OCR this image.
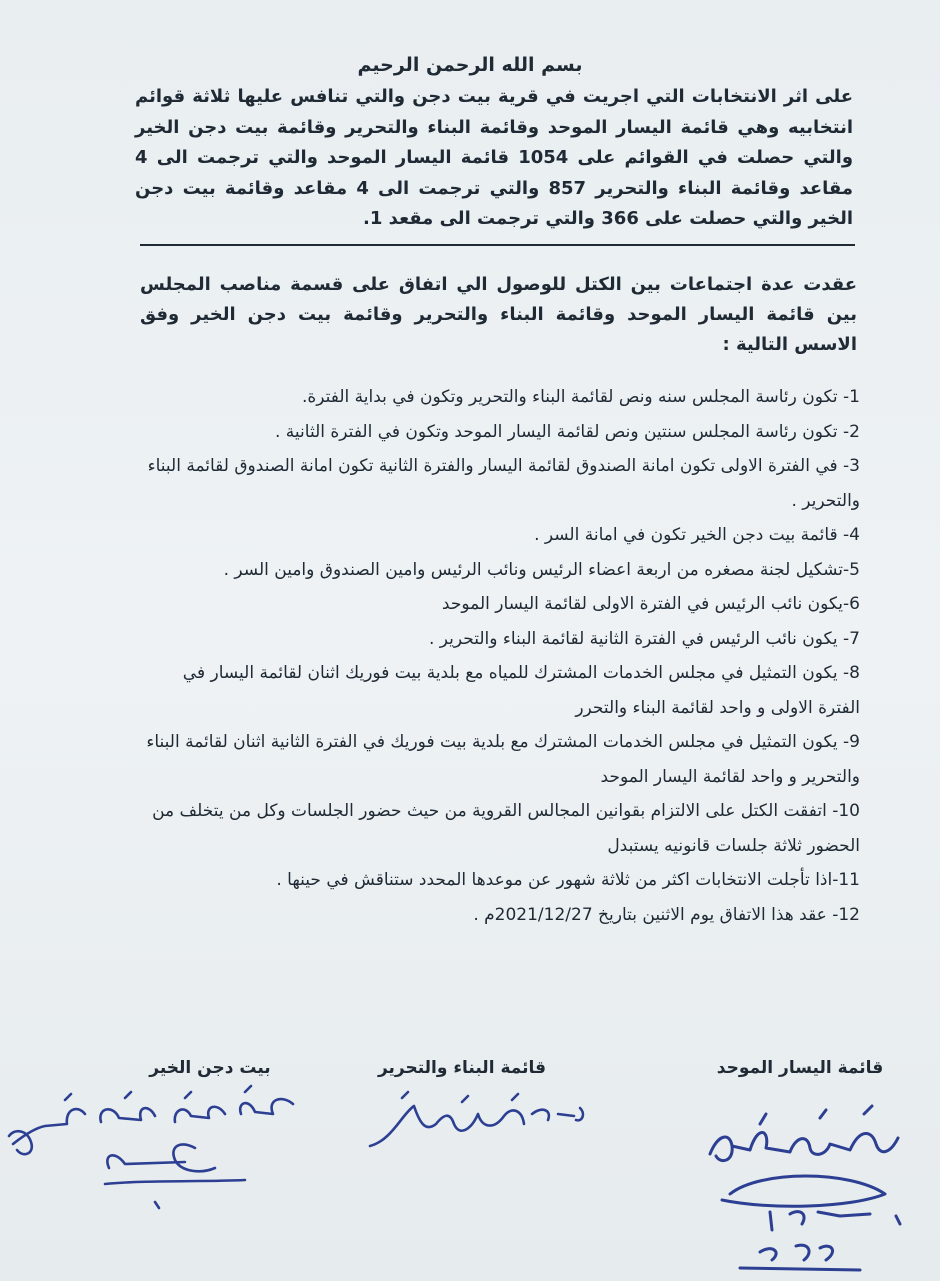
بسم الله الرحمن الرحيم
على اثر الانتخابات التي اجريت في قرية بيت دجن والتي تنافس عليها ثلاثة قوائم انتخابيه وهي قائمة اليسار الموحد وقائمة البناء والتحرير وقائمة بيت دجن الخير والتي حصلت في القوائم على 1054 قائمة اليسار الموحد والتي ترجمت الى 4 مقاعد وقائمة البناء والتحرير 857 والتي ترجمت الى 4 مقاعد وقائمة بيت دجن الخير والتي حصلت على 366 والتي ترجمت الى مقعد 1.
عقدت عدة اجتماعات بين الكتل للوصول الي اتفاق على قسمة مناصب المجلس بين قائمة اليسار الموحد وقائمة البناء والتحرير وقائمة بيت دجن الخير وفق الاسس التالية :
1- تكون رئاسة المجلس سنه ونص لقائمة البناء والتحرير وتكون في بداية الفترة.
2- تكون رئاسة المجلس سنتين ونص لقائمة اليسار الموحد وتكون في الفترة الثانية .
3- في الفترة الاولى تكون امانة الصندوق لقائمة اليسار والفترة الثانية تكون امانة الصندوق لقائمة البناء والتحرير .
4- قائمة بيت دجن الخير تكون في امانة السر .
5-تشكيل لجنة مصغره من اربعة اعضاء الرئيس ونائب الرئيس وامين الصندوق وامين السر .
6-يكون نائب الرئيس في الفترة الاولى لقائمة اليسار الموحد
7- يكون نائب الرئيس في الفترة الثانية لقائمة البناء والتحرير .
8- يكون التمثيل في مجلس الخدمات المشترك للمياه مع بلدية بيت فوريك اثنان لقائمة اليسار في الفترة الاولى و واحد لقائمة البناء والتحرر
9- يكون التمثيل في مجلس الخدمات المشترك مع بلدية بيت فوريك في الفترة الثانية اثنان لقائمة البناء والتحرير و واحد لقائمة اليسار الموحد
10- اتفقت الكتل على الالتزام بقوانين المجالس القروية من حيث حضور الجلسات وكل من يتخلف من الحضور ثلاثة جلسات قانونيه يستبدل
11-اذا تأجلت الانتخابات اكثر من ثلاثة شهور عن موعدها المحدد ستناقش في حينها .
12- عقد هذا الاتفاق يوم الاثنين بتاريخ 2021/12/27م .
قائمة اليسار الموحد
قائمة البناء والتحرير
بيت دجن الخير
